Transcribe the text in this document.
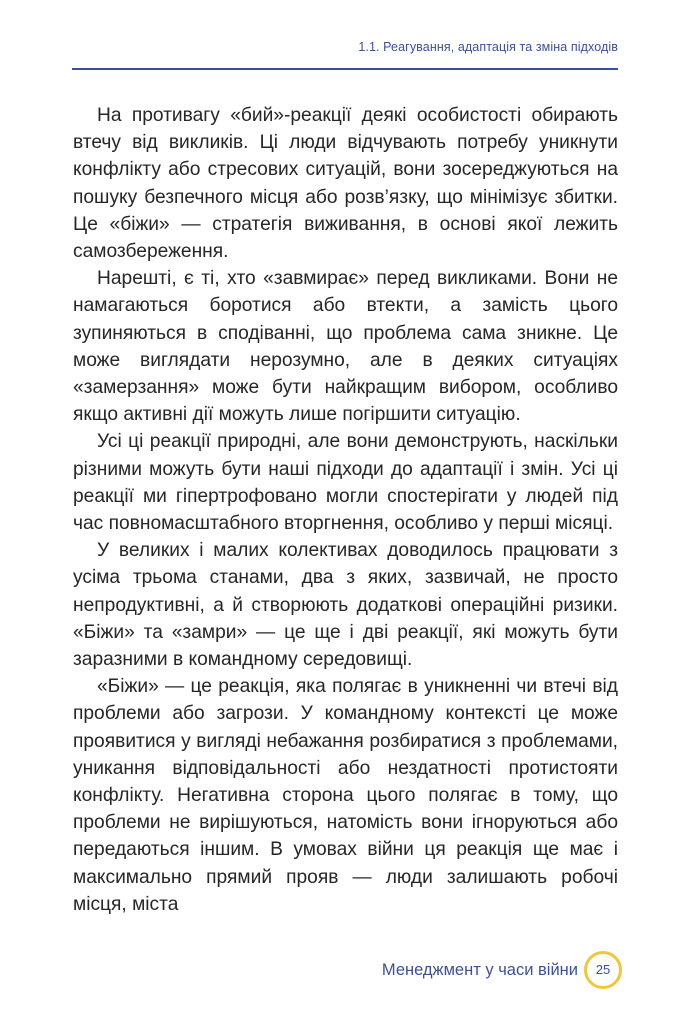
1.1. Реагування, адаптація та зміна підходів

На противагу «бий»-реакції деякі особистості обирають втечу від викликів. Ці люди відчувають потребу уникнути конфлікту або стресових ситуацій, вони зосереджуються на пошуку безпечного місця або розв’язку, що мінімізує збитки. Це «біжи» — стратегія виживання, в основі якої лежить самозбереження.

Нарешті, є ті, хто «завмирає» перед викликами. Вони не намагаються боротися або втекти, а замість цього зупиняються в сподіванні, що проблема сама зникне. Це може виглядати нерозумно, але в деяких ситуаціях «замерзання» може бути найкращим вибором, особливо якщо активні дії можуть лише погіршити ситуацію.

Усі ці реакції природні, але вони демонструють, наскільки різними можуть бути наші підходи до адаптації і змін. Усі ці реакції ми гіпертрофовано могли спостерігати у людей під час повномасштабного вторгнення, особливо у перші місяці.

У великих і малих колективах доводилось працювати з усіма трьома станами, два з яких, зазвичай, не просто непродуктивні, а й створюють додаткові операційні ризики. «Біжи» та «замри» — це ще і дві реакції, які можуть бути заразними в командному середовищі.

«Біжи» — це реакція, яка полягає в уникненні чи втечі від проблеми або загрози. У командному контексті це може проявитися у вигляді небажання розбиратися з проблемами, уникання відповідальності або нездатності протистояти конфлікту. Негативна сторона цього полягає в тому, що проблеми не вирішуються, натомість вони ігноруються або передаються іншим. В умовах війни ця реакція ще має і максимально прямий прояв — люди залишають робочі місця, міста

Менеджмент у часи війни	25
